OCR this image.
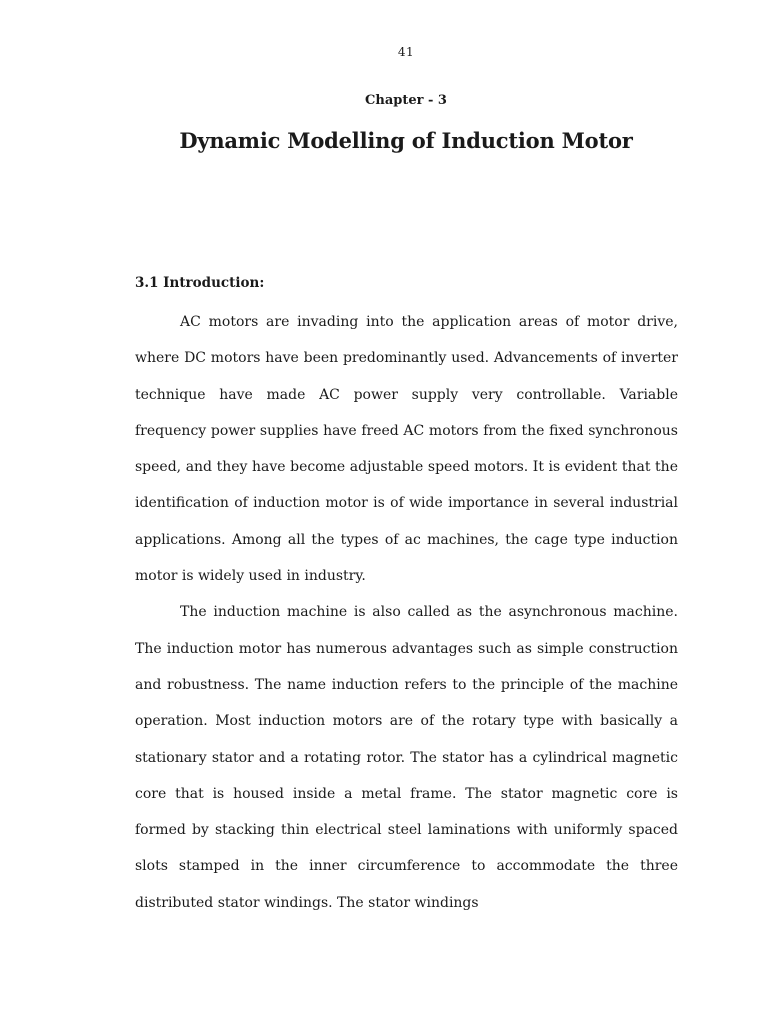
41
Chapter - 3
Dynamic Modelling of Induction Motor
3.1 Introduction:

AC motors are invading into the application areas of motor drive, where DC motors have been predominantly used. Advancements of inverter technique have made AC power supply very controllable. Variable frequency power supplies have freed AC motors from the fixed synchronous speed, and they have become adjustable speed motors. It is evident that the identification of induction motor is of wide importance in several industrial applications. Among all the types of ac machines, the cage type induction motor is widely used in industry.

The induction machine is also called as the asynchronous machine. The induction motor has numerous advantages such as simple construction and robustness. The name induction refers to the principle of the machine operation. Most induction motors are of the rotary type with basically a stationary stator and a rotating rotor. The stator has a cylindrical magnetic core that is housed inside a metal frame. The stator magnetic core is formed by stacking thin electrical steel laminations with uniformly spaced slots stamped in the inner circumference to accommodate the three distributed stator windings. The stator windings
